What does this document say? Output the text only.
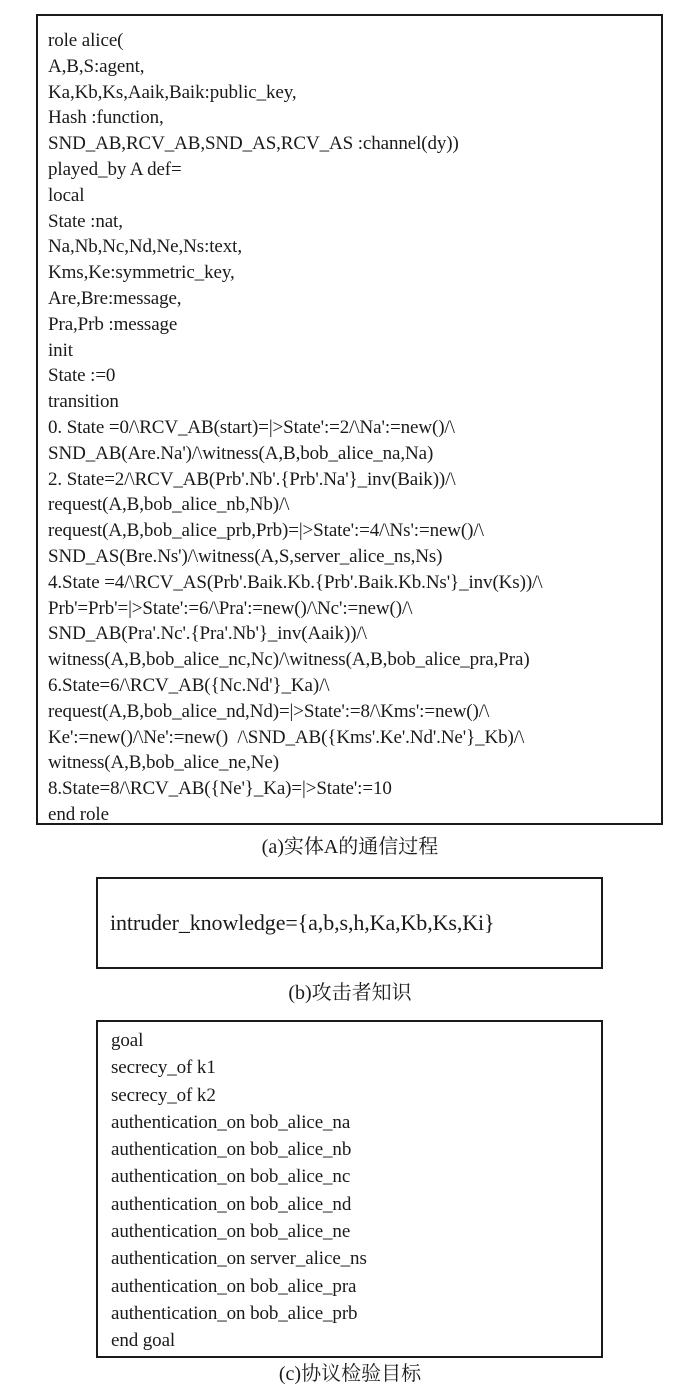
role alice(
A,B,S:agent,
Ka,Kb,Ks,Aaik,Baik:public_key,
Hash :function,
SND_AB,RCV_AB,SND_AS,RCV_AS :channel(dy))
played_by A def=
local
State :nat,
Na,Nb,Nc,Nd,Ne,Ns:text,
Kms,Ke:symmetric_key,
Are,Bre:message,
Pra,Prb :message
init
State :=0
transition
0. State =0/\RCV_AB(start)=|>State':=2/\Na':=new()/\
SND_AB(Are.Na')/\witness(A,B,bob_alice_na,Na)
2. State=2/\RCV_AB(Prb'.Nb'.{Prb'.Na'}_inv(Baik))/\
request(A,B,bob_alice_nb,Nb)/\
request(A,B,bob_alice_prb,Prb)=|>State':=4/\Ns':=new()/\
SND_AS(Bre.Ns')/\witness(A,S,server_alice_ns,Ns)
4.State =4/\RCV_AS(Prb'.Baik.Kb.{Prb'.Baik.Kb.Ns'}_inv(Ks))/\
Prb'=Prb'=|>State':=6/\Pra':=new()/\Nc':=new()/\
SND_AB(Pra'.Nc'.{Pra'.Nb'}_inv(Aaik))/\
witness(A,B,bob_alice_nc,Nc)/\witness(A,B,bob_alice_pra,Pra)
6.State=6/\RCV_AB({Nc.Nd'}_Ka)/\
request(A,B,bob_alice_nd,Nd)=|>State':=8/\Kms':=new()/\
Ke':=new()/\Ne':=new()  /\SND_AB({Kms'.Ke'.Nd'.Ne'}_Kb)/\
witness(A,B,bob_alice_ne,Ne)
8.State=8/\RCV_AB({Ne'}_Ka)=|>State':=10
end role
(a)实体A的通信过程
intruder_knowledge={a,b,s,h,Ka,Kb,Ks,Ki}
(b)攻击者知识
goal
secrecy_of k1
secrecy_of k2
authentication_on bob_alice_na
authentication_on bob_alice_nb
authentication_on bob_alice_nc
authentication_on bob_alice_nd
authentication_on bob_alice_ne
authentication_on server_alice_ns
authentication_on bob_alice_pra
authentication_on bob_alice_prb
end goal
(c)协议检验目标
